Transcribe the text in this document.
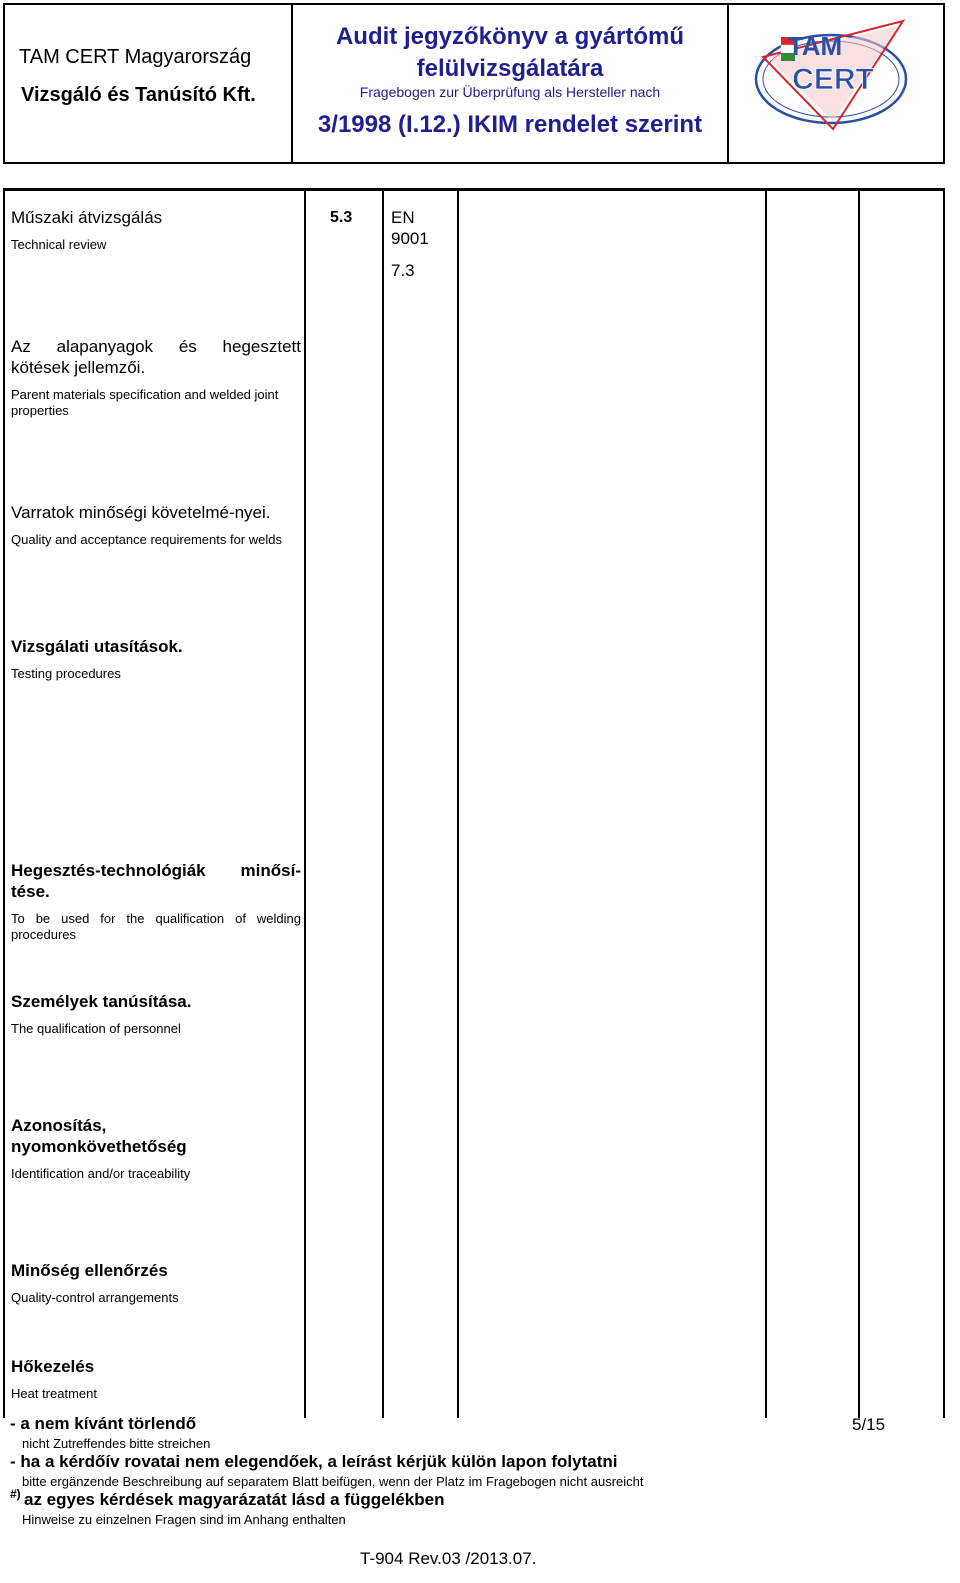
TAM CERT Magyarország
Vizsgáló és Tanúsító Kft.
Audit jegyzőkönyv a gyártómű
felülvizsgálatára
Fragebogen zur Überprüfung als Hersteller nach
3/1998 (I.12.) IKIM rendelet szerint
TAM
CERT
5.3 EN 9001
7.3

Műszaki átvizsgálás

Technical review

Az alapanyagok és hegesztett kötések jellemzői.

Parent materials specification and welded joint properties

Varratok minőségi követelmé-nyei.

Quality and acceptance requirements for welds

Vizsgálati utasítások.

Testing procedures

Hegesztés-technológiák minősí-tése.

To be used for the qualification of welding procedures

Személyek tanúsítása.

The qualification of personnel

Azonosítás, nyomonkövethetőség

Identification and/or traceability

Minőség ellenőrzés

Quality-control arrangements

Hőkezelés

Heat treatment

- a nem kívánt törlendő
nicht Zutreffendes bitte streichen
- ha a kérdőív rovatai nem elegendőek, a leírást kérjük külön lapon folytatni
bitte ergänzende Beschreibung auf separatem Blatt beifügen, wenn der Platz im Fragebogen nicht ausreicht
#) az egyes kérdések magyarázatát lásd a függelékben
Hinweise zu einzelnen Fragen sind im Anhang enthalten
5/15
T-904 Rev.03 /2013.07.
